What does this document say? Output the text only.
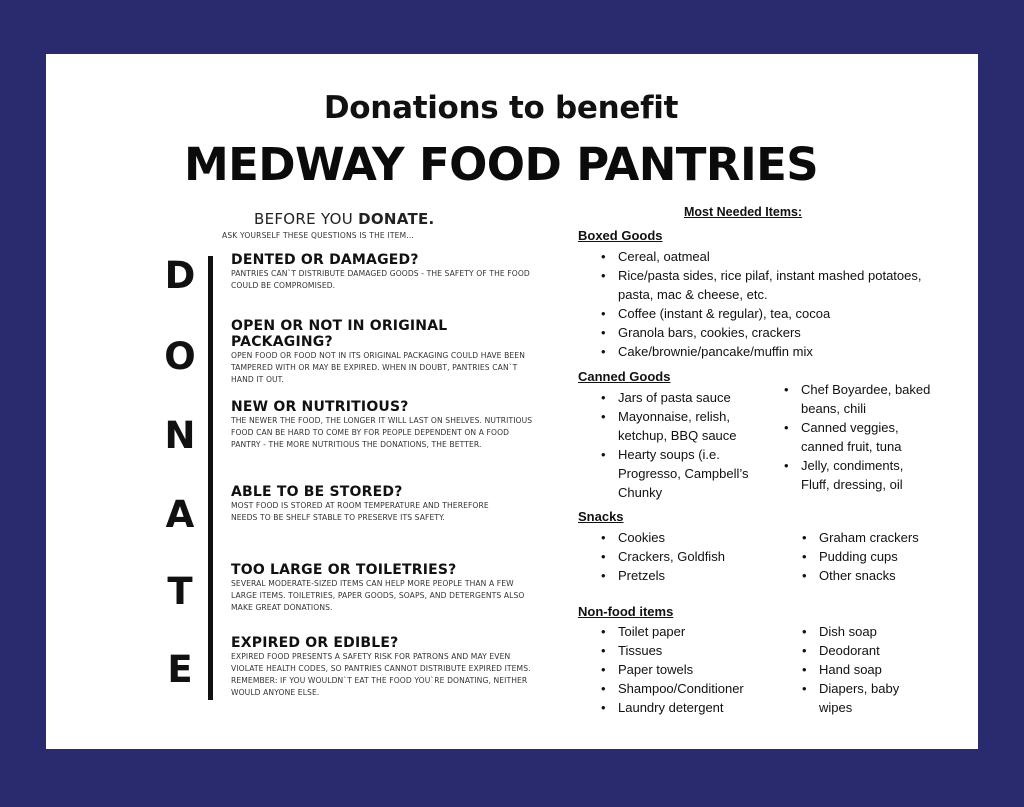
Donations to benefit
MEDWAY FOOD PANTRIES
BEFORE YOU DONATE.
ASK YOURSELF THESE QUESTIONS IS THE ITEM...
D
O
N
A
T
E
DENTED OR DAMAGED?
PANTRIES CAN`T DISTRIBUTE DAMAGED GOODS - THE SAFETY OF THE FOOD COULD BE COMPROMISED.
OPEN OR NOT IN ORIGINAL PACKAGING?
OPEN FOOD OR FOOD NOT IN ITS ORIGINAL PACKAGING COULD HAVE BEEN TAMPERED WITH OR MAY BE EXPIRED. WHEN IN DOUBT, PANTRIES CAN`T HAND IT OUT.
NEW OR NUTRITIOUS?
THE NEWER THE FOOD, THE LONGER IT WILL LAST ON SHELVES. NUTRITIOUS FOOD CAN BE HARD TO COME BY FOR PEOPLE DEPENDENT ON A FOOD PANTRY - THE MORE NUTRITIOUS THE DONATIONS, THE BETTER.
ABLE TO BE STORED?
MOST FOOD IS STORED AT ROOM TEMPERATURE AND THEREFORE NEEDS TO BE SHELF STABLE TO PRESERVE ITS SAFETY.
TOO LARGE OR TOILETRIES?
SEVERAL MODERATE-SIZED ITEMS CAN HELP MORE PEOPLE THAN A FEW LARGE ITEMS. TOILETRIES, PAPER GOODS, SOAPS, AND DETERGENTS ALSO MAKE GREAT DONATIONS.
EXPIRED OR EDIBLE?
EXPIRED FOOD PRESENTS A SAFETY RISK FOR PATRONS AND MAY EVEN VIOLATE HEALTH CODES, SO PANTRIES CANNOT DISTRIBUTE EXPIRED ITEMS. REMEMBER: IF YOU WOULDN`T EAT THE FOOD YOU`RE DONATING, NEITHER WOULD ANYONE ELSE.
Most Needed Items:
Boxed Goods
• Cereal, oatmeal
• Rice/pasta sides, rice pilaf, instant mashed potatoes, pasta, mac & cheese, etc.
• Coffee (instant & regular), tea, cocoa
• Granola bars, cookies, crackers
• Cake/brownie/pancake/muffin mix
Canned Goods
• Jars of pasta sauce
• Mayonnaise, relish, ketchup, BBQ sauce
• Hearty soups (i.e. Progresso, Campbell’s Chunky
• Chef Boyardee, baked beans, chili
• Canned veggies, canned fruit, tuna
• Jelly, condiments, Fluff, dressing, oil
Snacks
• Cookies
• Crackers, Goldfish
• Pretzels
• Graham crackers
• Pudding cups
• Other snacks
Non-food items
• Toilet paper
• Tissues
• Paper towels
• Shampoo/Conditioner
• Laundry detergent
• Dish soap
• Deodorant
• Hand soap
• Diapers, baby wipes
